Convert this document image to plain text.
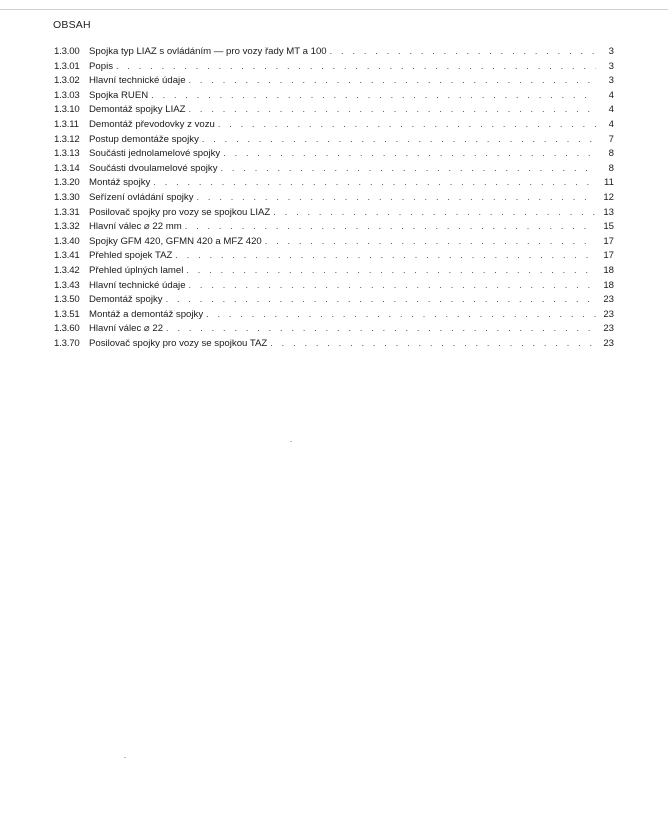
OBSAH
1.3.00 Spojka typ LIAZ s ovládáním — pro vozy řady MT a 100 . . .	3
1.3.01 Popis . . .	3
1.3.02 Hlavní technické údaje . . .	3
1.3.03 Spojka RUEN . . .	4
1.3.10 Demontáž spojky LIAZ . . .	4
1.3.11	Demontáž převodovky z vozu . . .	4
1.3.12 Postup demontáže spojky . . .	7
1.3.13 Součásti jednolamelové spojky . . .	8
1.3.14 Součásti dvoulamelové spojky . . .	8
1.3.20 Montáž spojky . . .	11
1.3.30 Seřízení ovládání spojky . . .	12
1.3.31 Posilovač spojky pro vozy se spojkou LIAZ . . .	13
1.3.32 Hlavní válec ⌀ 22 mm . . .	15
1.3.40 Spojky GFM 420, GFMN 420 a MFZ 420 . . .	17
1.3.41 Přehled spojek TAZ . . .	17
1.3.42 Přehled úplných lamel . . .	18
1.3.43 Hlavní technické údaje . . .	18
1.3.50 Demontáž spojky . . .	23
1.3.51 Montáž a demontáž spojky . . .	23
1.3.60 Hlavní válec ⌀ 22 . . .	23
1.3.70 Posilovač spojky pro vozy se spojkou TAZ . . .	23
